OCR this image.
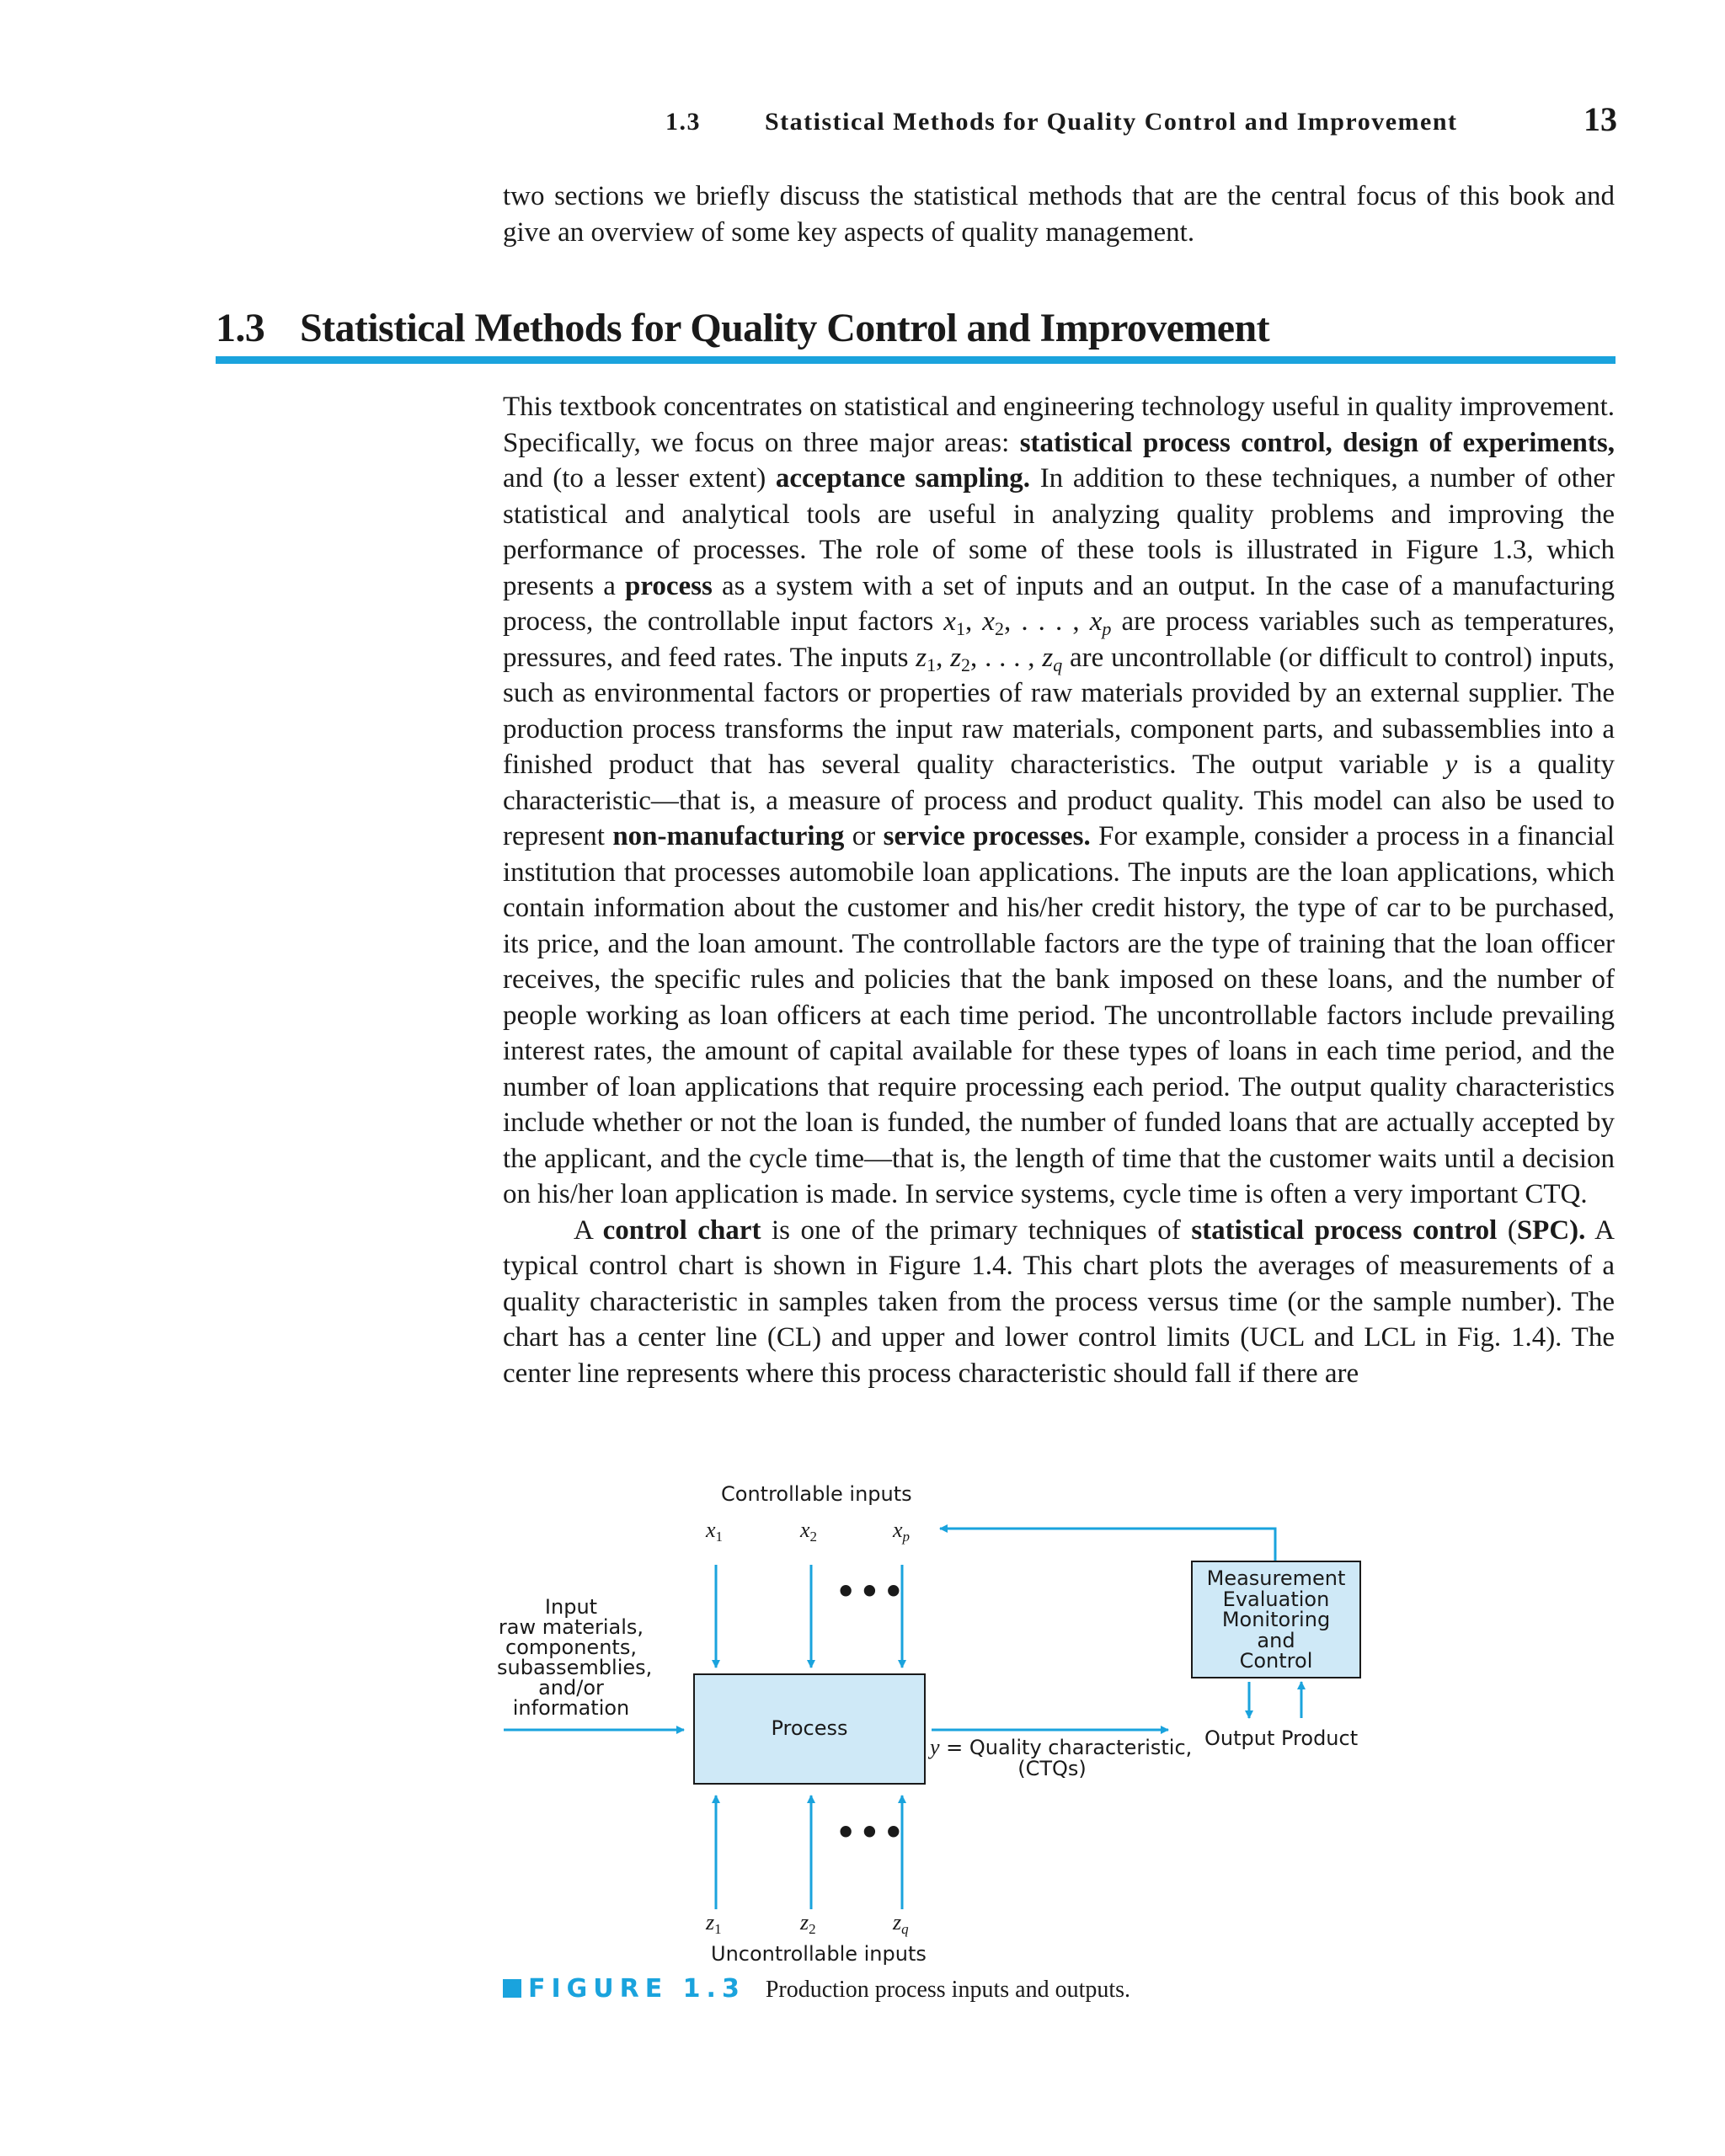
1.3	Statistical Methods for Quality Control and Improvement	13

two sections we briefly discuss the statistical methods that are the central focus of this book and give an overview of some key aspects of quality management.

1.3 Statistical Methods for Quality Control and Improvement

This textbook concentrates on statistical and engineering technology useful in quality improvement. Specifically, we focus on three major areas: statistical process control, design of experiments, and (to a lesser extent) acceptance sampling. In addition to these techniques, a number of other statistical and analytical tools are useful in analyzing quality problems and improving the performance of processes. The role of some of these tools is illustrated in Figure 1.3, which presents a process as a system with a set of inputs and an output. In the case of a manufacturing process, the controllable input factors $x_1$, $x_2$, . . . , $x_p$ are process variables such as temperatures, pressures, and feed rates. The inputs $z_1$, $z_2$, . . . , $z_q$ are uncontrollable (or difficult to control) inputs, such as environmental factors or properties of raw materials provided by an external supplier. The production process transforms the input raw materials, component parts, and subassemblies into a finished product that has several quality characteristics. The output variable y is a quality characteristic—that is, a measure of process and product quality. This model can also be used to represent non-manufacturing or service processes. For example, consider a process in a financial institution that processes automobile loan applications. The inputs are the loan applications, which contain information about the customer and his/her credit history, the type of car to be purchased, its price, and the loan amount. The controllable factors are the type of training that the loan officer receives, the specific rules and policies that the bank imposed on these loans, and the number of people working as loan officers at each time period. The uncontrollable factors include prevailing interest rates, the amount of capital available for these types of loans in each time period, and the number of loan applications that require processing each period. The output quality characteristics include whether or not the loan is funded, the number of funded loans that are actually accepted by the applicant, and the cycle time—that is, the length of time that the customer waits until a decision on his/her loan application is made. In service systems, cycle time is often a very important CTQ.

A control chart is one of the primary techniques of statistical process control (SPC). A typical control chart is shown in Figure 1.4. This chart plots the averages of measurements of a quality characteristic in samples taken from the process versus time (or the sample number). The chart has a center line (CL) and upper and lower control limits (UCL and LCL in Fig. 1.4). The center line represents where this process characteristic should fall if there are

Controllable inputs
$x_1$	$x_2$	$x_p$
•••
Input
raw materials,
components,
subassemblies,
and/or
information
Process
y = Quality characteristic,
(CTQs)
Measurement
Evaluation
Monitoring
and
Control
Output Product
•••
$z_1$	$z_2$	$z_q$
Uncontrollable inputs
FIGURE 1.3 Production process inputs and outputs.
